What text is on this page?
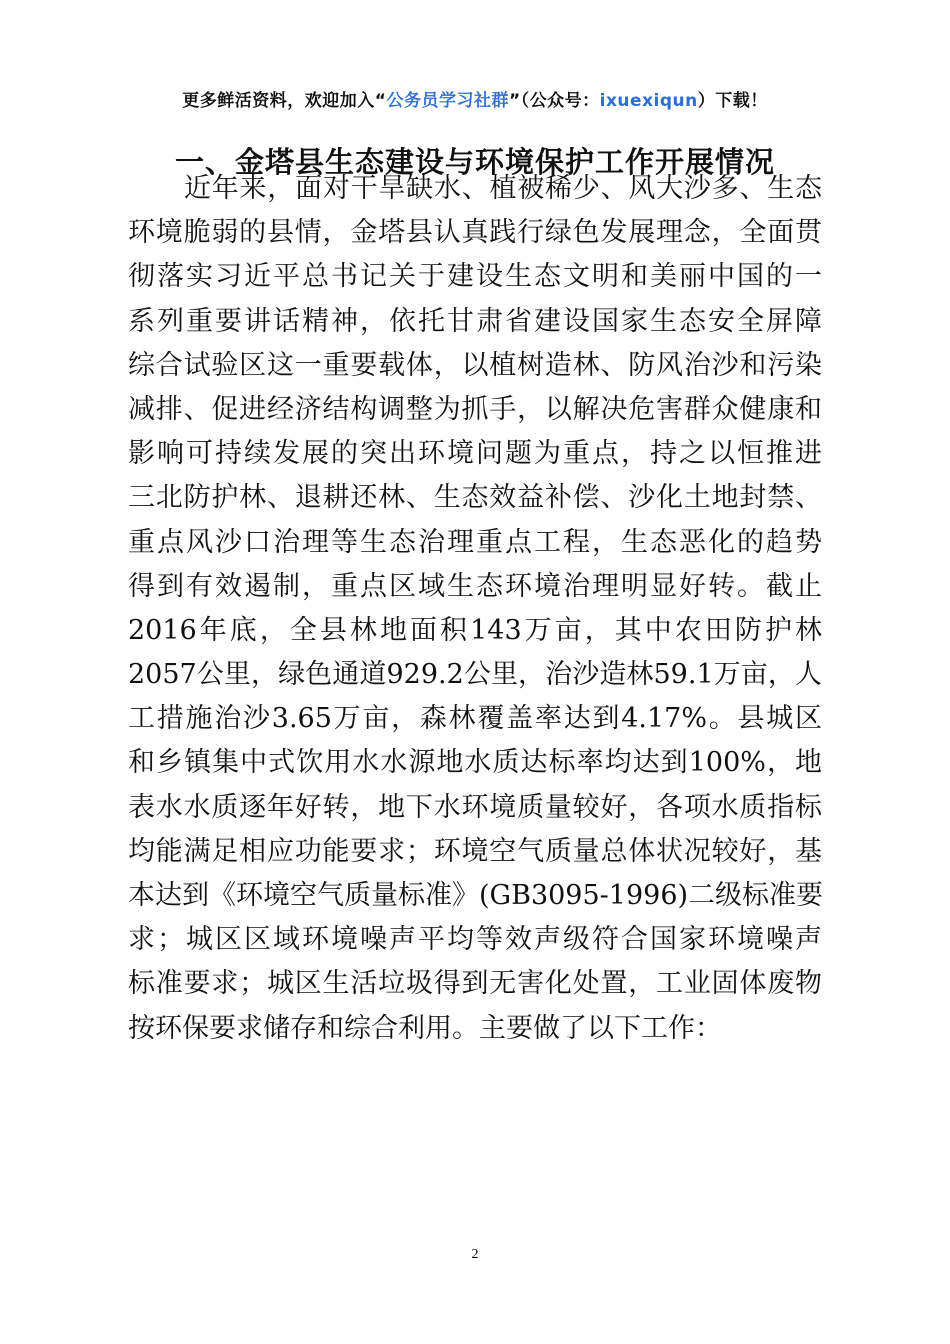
更多鲜活资料，欢迎加入“公务员学习社群”（公众号：ixuexiqun）下载！
一、金塔县生态建设与环境保护工作开展情况
近年来，面对干旱缺水、植被稀少、风大沙多、生态
环境脆弱的县情，金塔县认真践行绿色发展理念，全面贯
彻落实习近平总书记关于建设生态文明和美丽中国的一
系列重要讲话精神，依托甘肃省建设国家生态安全屏障
综合试验区这一重要载体，以植树造林、防风治沙和污染
减排、促进经济结构调整为抓手，以解决危害群众健康和
影响可持续发展的突出环境问题为重点，持之以恒推进
三北防护林、退耕还林、生态效益补偿、沙化土地封禁、
重点风沙口治理等生态治理重点工程，生态恶化的趋势
得到有效遏制，重点区域生态环境治理明显好转。截止
2016年底，全县林地面积143万亩，其中农田防护林
2057公里，绿色通道929.2公里，治沙造林59.1万亩，人
工措施治沙3.65万亩，森林覆盖率达到4.17%。县城区
和乡镇集中式饮用水水源地水质达标率均达到100%，地
表水水质逐年好转，地下水环境质量较好，各项水质指标
均能满足相应功能要求；环境空气质量总体状况较好，基
本达到《环境空气质量标准》(GB3095-1996)二级标准要
求；城区区域环境噪声平均等效声级符合国家环境噪声
标准要求；城区生活垃圾得到无害化处置，工业固体废物
按环保要求储存和综合利用。主要做了以下工作：
2
